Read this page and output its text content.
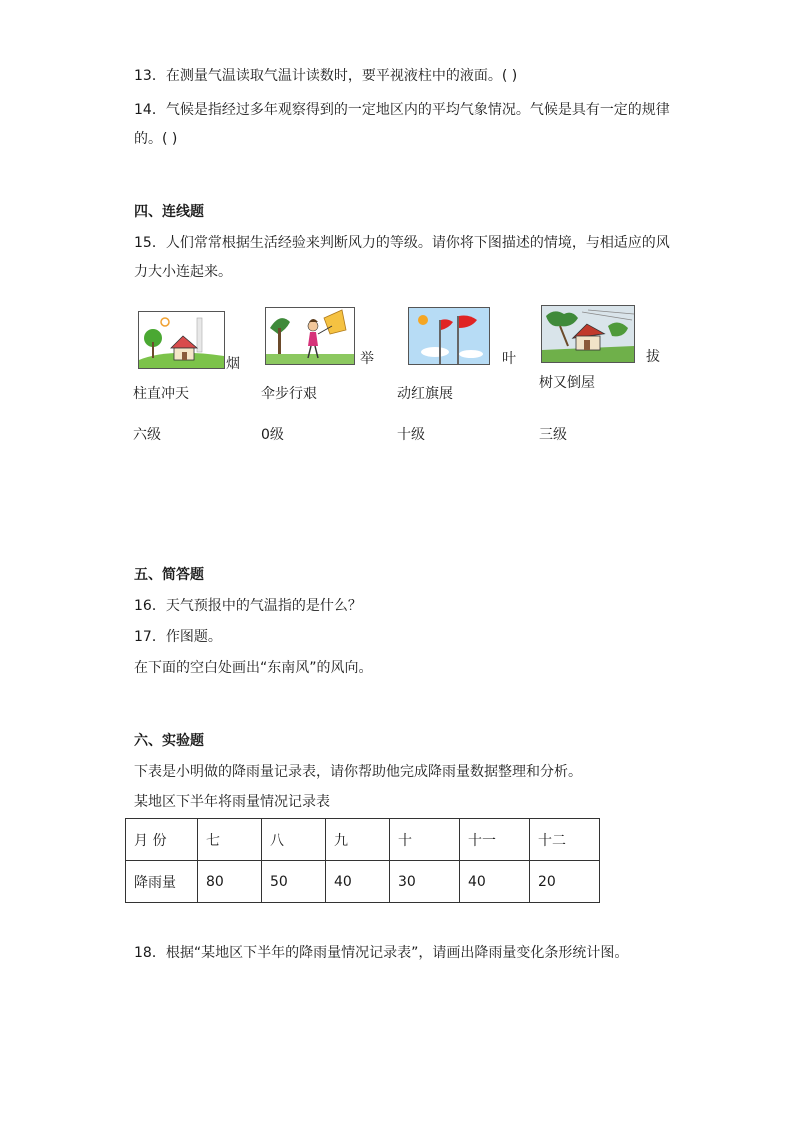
13．在测量气温读取气温计读数时，要平视液柱中的液面。( )
14．气候是指经过多年观察得到的一定地区内的平均气象情况。气候是具有一定的规律
的。( )
四、连线题
15．人们常常根据生活经验来判断风力的等级。请你将下图描述的情境，与相适应的风
力大小连起来。
烟	举	叶	拔
柱直冲天	伞步行艰	动红旗展
树又倒屋
六级	0级	十级	三级
五、简答题
16．天气预报中的气温指的是什么？
17．作图题。
在下面的空白处画出“东南风”的风向。
六、实验题
下表是小明做的降雨量记录表，请你帮助他完成降雨量数据整理和分析。
某地区下半年将雨量情况记录表
月 份	七	八	九	十	十一	十二
降雨量	80	50	40	30	40	20
18．根据“某地区下半年的降雨量情况记录表”，请画出降雨量变化条形统计图。
